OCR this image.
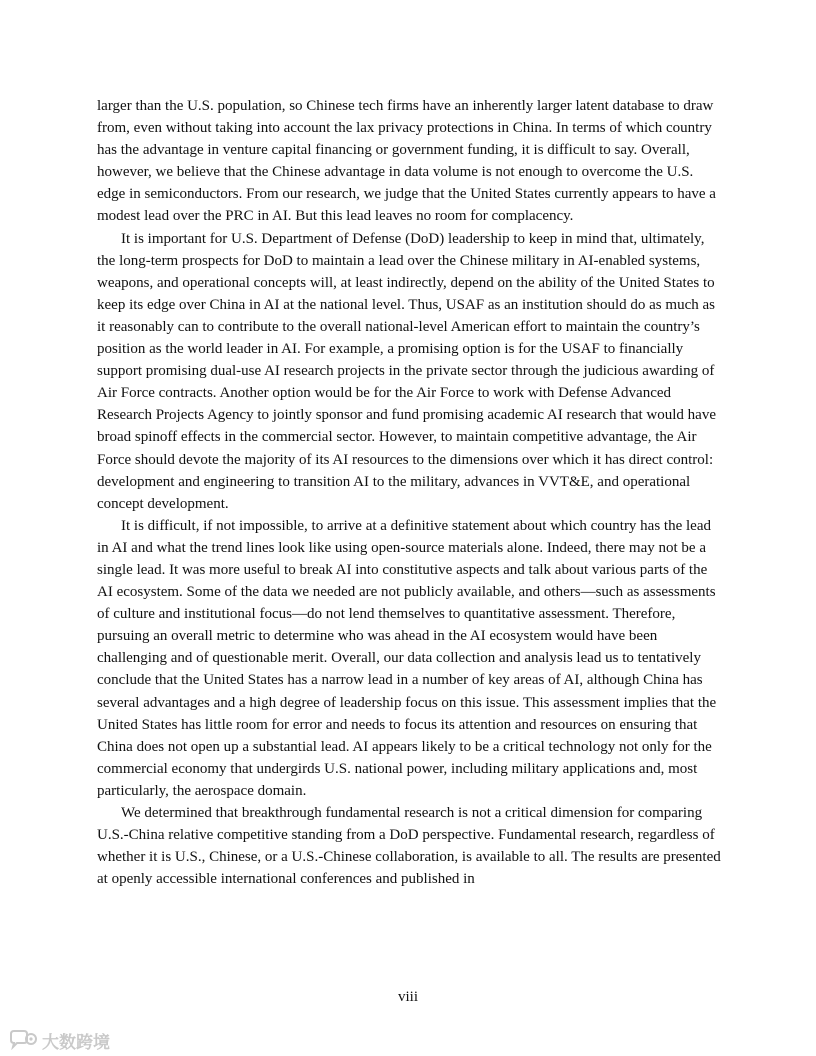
larger than the U.S. population, so Chinese tech firms have an inherently larger latent database to draw from, even without taking into account the lax privacy protections in China. In terms of which country has the advantage in venture capital financing or government funding, it is difficult to say. Overall, however, we believe that the Chinese advantage in data volume is not enough to overcome the U.S. edge in semiconductors. From our research, we judge that the United States currently appears to have a modest lead over the PRC in AI. But this lead leaves no room for complacency.

It is important for U.S. Department of Defense (DoD) leadership to keep in mind that, ultimately, the long-term prospects for DoD to maintain a lead over the Chinese military in AI-enabled systems, weapons, and operational concepts will, at least indirectly, depend on the ability of the United States to keep its edge over China in AI at the national level. Thus, USAF as an institution should do as much as it reasonably can to contribute to the overall national-level American effort to maintain the country’s position as the world leader in AI. For example, a promising option is for the USAF to financially support promising dual-use AI research projects in the private sector through the judicious awarding of Air Force contracts. Another option would be for the Air Force to work with Defense Advanced Research Projects Agency to jointly sponsor and fund promising academic AI research that would have broad spinoff effects in the commercial sector. However, to maintain competitive advantage, the Air Force should devote the majority of its AI resources to the dimensions over which it has direct control: development and engineering to transition AI to the military, advances in VVT&E, and operational concept development.

It is difficult, if not impossible, to arrive at a definitive statement about which country has the lead in AI and what the trend lines look like using open-source materials alone. Indeed, there may not be a single lead. It was more useful to break AI into constitutive aspects and talk about various parts of the AI ecosystem. Some of the data we needed are not publicly available, and others—such as assessments of culture and institutional focus—do not lend themselves to quantitative assessment. Therefore, pursuing an overall metric to determine who was ahead in the AI ecosystem would have been challenging and of questionable merit. Overall, our data collection and analysis lead us to tentatively conclude that the United States has a narrow lead in a number of key areas of AI, although China has several advantages and a high degree of leadership focus on this issue. This assessment implies that the United States has little room for error and needs to focus its attention and resources on ensuring that China does not open up a substantial lead. AI appears likely to be a critical technology not only for the commercial economy that undergirds U.S. national power, including military applications and, most particularly, the aerospace domain.

We determined that breakthrough fundamental research is not a critical dimension for comparing U.S.-China relative competitive standing from a DoD perspective. Fundamental research, regardless of whether it is U.S., Chinese, or a U.S.-Chinese collaboration, is available to all. The results are presented at openly accessible international conferences and published in

viii
大数跨境
